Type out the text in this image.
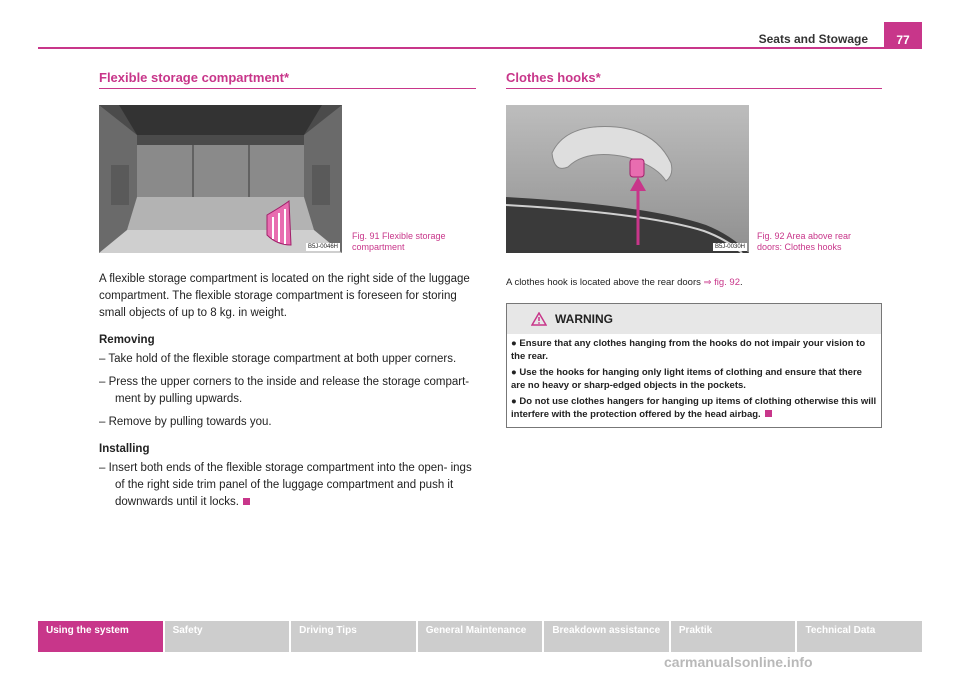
Seats and Stowage	77
Flexible storage compartment*
B5J-0046H
Fig. 91 Flexible storage compartment

A flexible storage compartment is located on the right side of the luggage compartment. The flexible storage compartment is foreseen for storing small objects of up to 8 kg. in weight.

Removing

– Take hold of the flexible storage compartment at both upper corners.

– Press the upper corners to the inside and release the storage compart- ment by pulling upwards.

– Remove by pulling towards you.

Installing

– Insert both ends of the flexible storage compartment into the open- ings of the right side trim panel of the luggage compartment and push it downwards until it locks.

Clothes hooks*
B5J-0030H
Fig. 92 Area above rear doors: Clothes hooks
A clothes hook is located above the rear doors ⇒ fig. 92.
WARNING

● Ensure that any clothes hanging from the hooks do not impair your vision to the rear.

● Use the hooks for hanging only light items of clothing and ensure that there are no heavy or sharp-edged objects in the pockets.

● Do not use clothes hangers for hanging up items of clothing otherwise this will interfere with the protection offered by the head airbag.

Using the system	Safety	Driving Tips	General Maintenance	Breakdown assistance	Praktik	Technical Data
carmanualsonline.info
